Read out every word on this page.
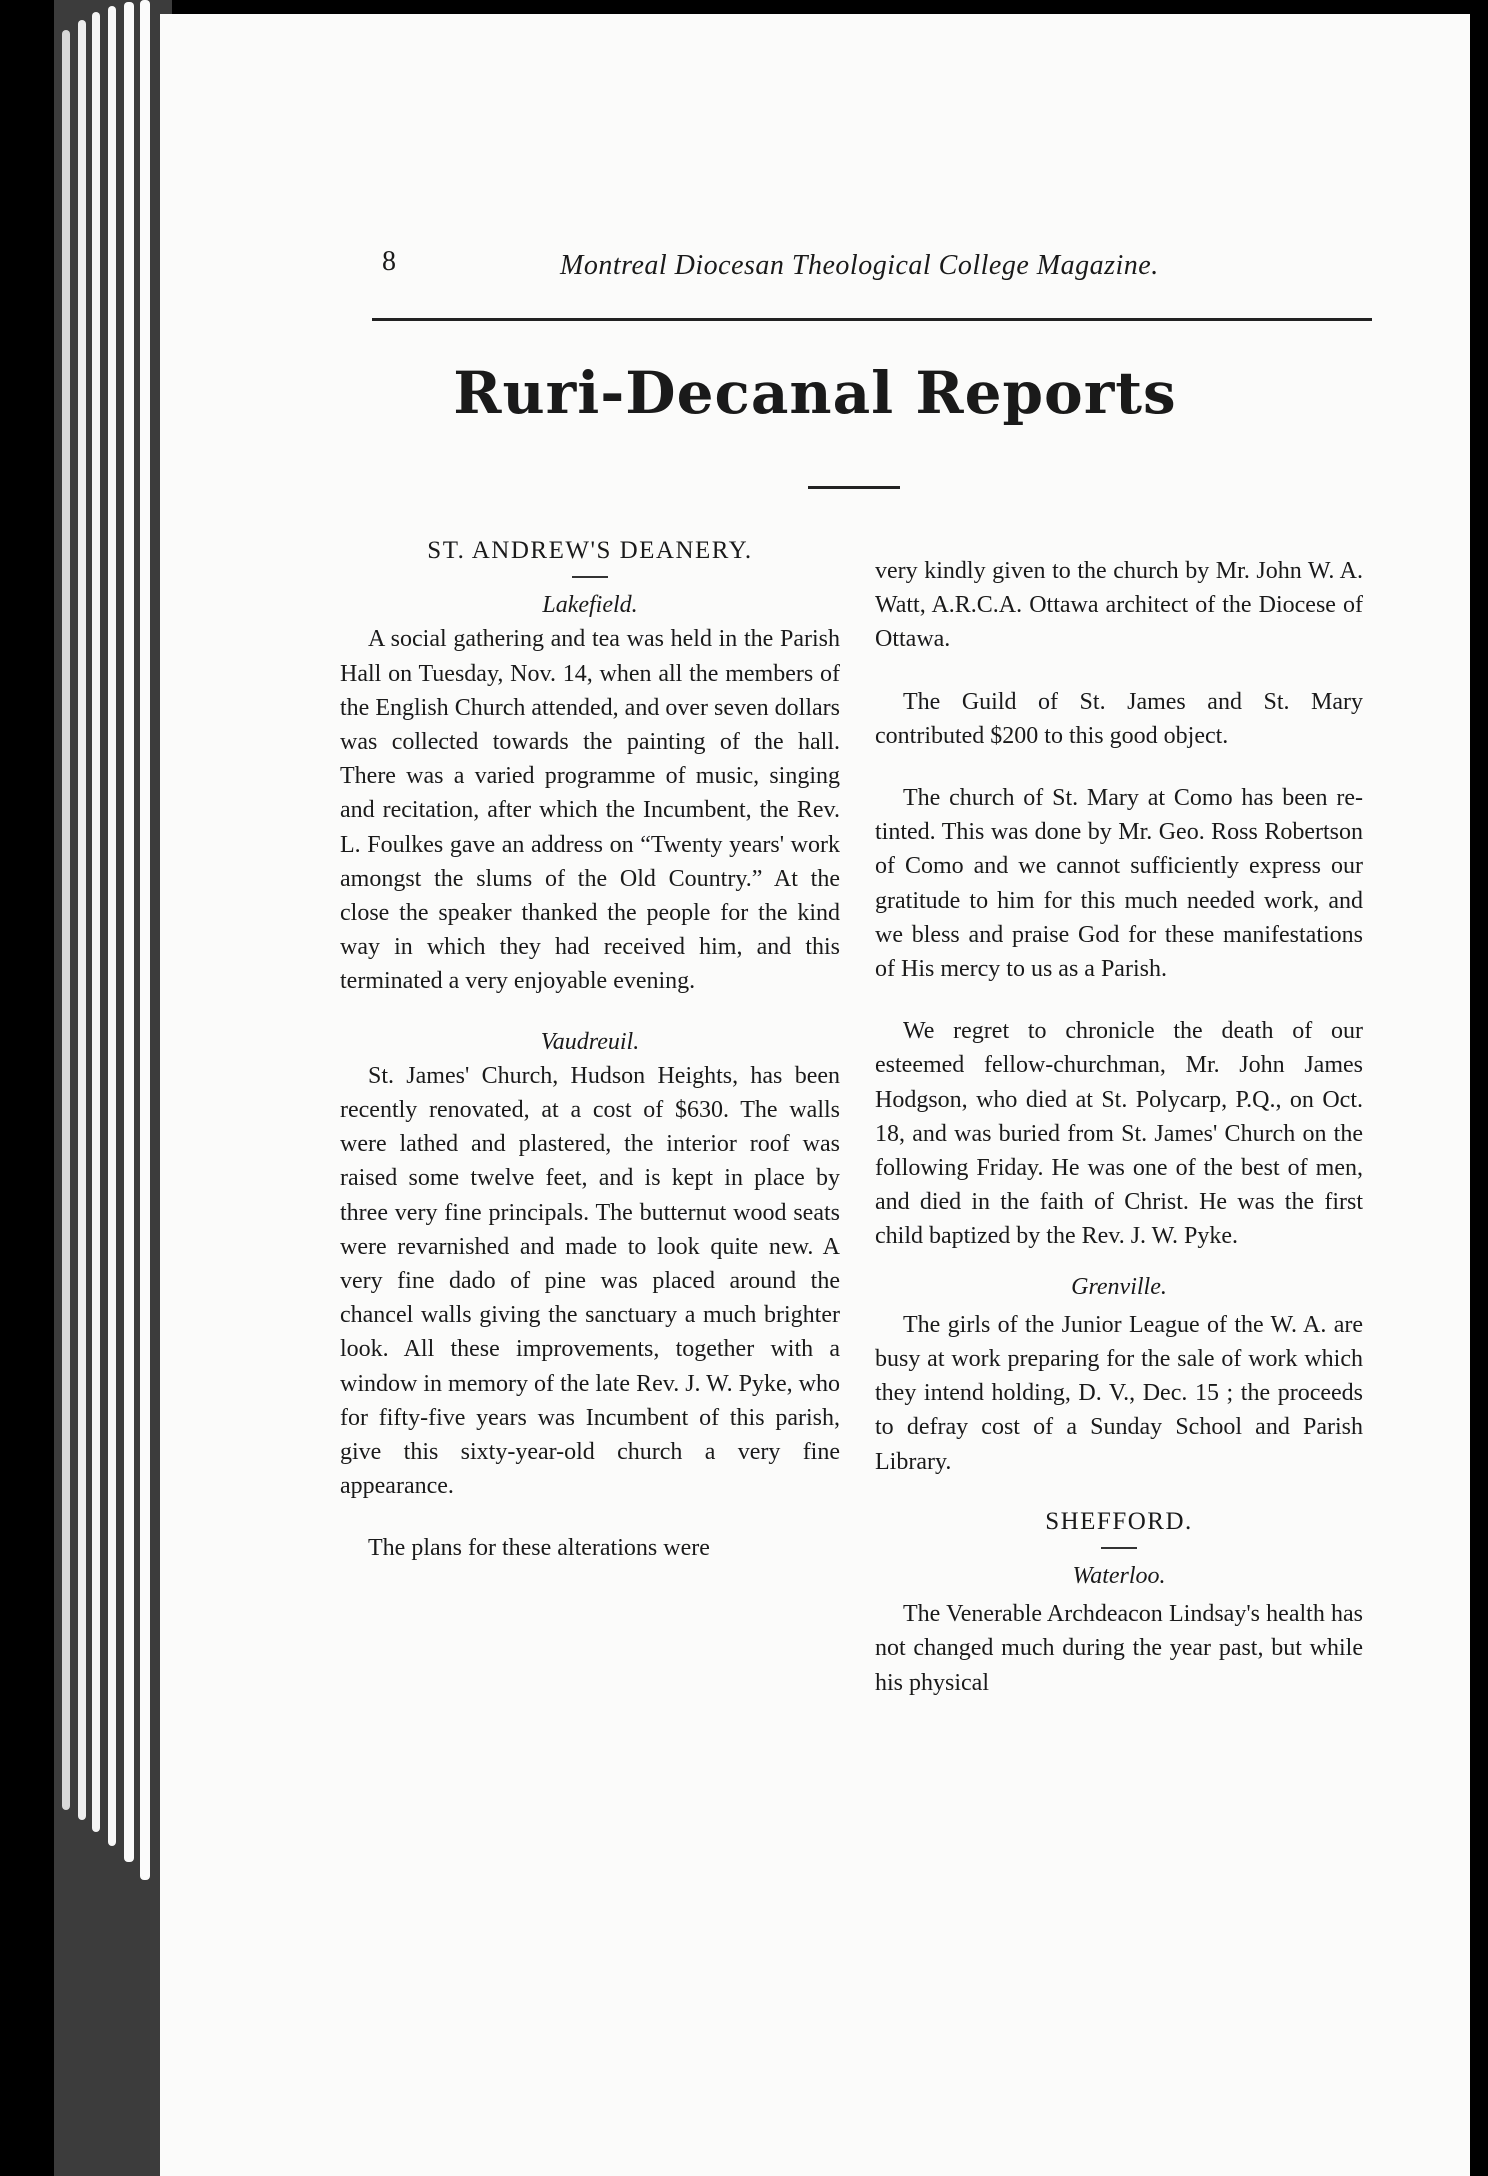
8	Montreal Diocesan Theological College Magazine.
Ruri-Decanal Reports
ST. ANDREW'S DEANERY.
Lakefield.

A social gathering and tea was held in the Parish Hall on Tuesday, Nov. 14, when all the members of the English Church attended, and over seven dollars was collected towards the painting of the hall. There was a varied programme of music, singing and recitation, after which the Incumbent, the Rev. L. Foulkes gave an address on “Twenty years' work amongst the slums of the Old Country.” At the close the speaker thanked the people for the kind way in which they had received him, and this terminated a very enjoyable evening.

Vaudreuil.

St. James' Church, Hudson Heights, has been recently renovated, at a cost of $630. The walls were lathed and plastered, the interior roof was raised some twelve feet, and is kept in place by three very fine principals. The butternut wood seats were revarnished and made to look quite new. A very fine dado of pine was placed around the chancel walls giving the sanctuary a much brighter look. All these improvements, together with a window in memory of the late Rev. J. W. Pyke, who for fifty-five years was Incumbent of this parish, give this sixty-year-old church a very fine appearance.

The plans for these alterations were

very kindly given to the church by Mr. John W. A. Watt, A.R.C.A. Ottawa architect of the Diocese of Ottawa.

The Guild of St. James and St. Mary contributed $200 to this good object.

The church of St. Mary at Como has been re-tinted. This was done by Mr. Geo. Ross Robertson of Como and we cannot sufficiently express our gratitude to him for this much needed work, and we bless and praise God for these manifestations of His mercy to us as a Parish.

We regret to chronicle the death of our esteemed fellow-churchman, Mr. John James Hodgson, who died at St. Polycarp, P.Q., on Oct. 18, and was buried from St. James' Church on the following Friday. He was one of the best of men, and died in the faith of Christ. He was the first child baptized by the Rev. J. W. Pyke.

Grenville.

The girls of the Junior League of the W. A. are busy at work preparing for the sale of work which they intend holding, D. V., Dec. 15 ; the proceeds to defray cost of a Sunday School and Parish Library.

SHEFFORD.
Waterloo.

The Venerable Archdeacon Lindsay's health has not changed much during the year past, but while his physical
